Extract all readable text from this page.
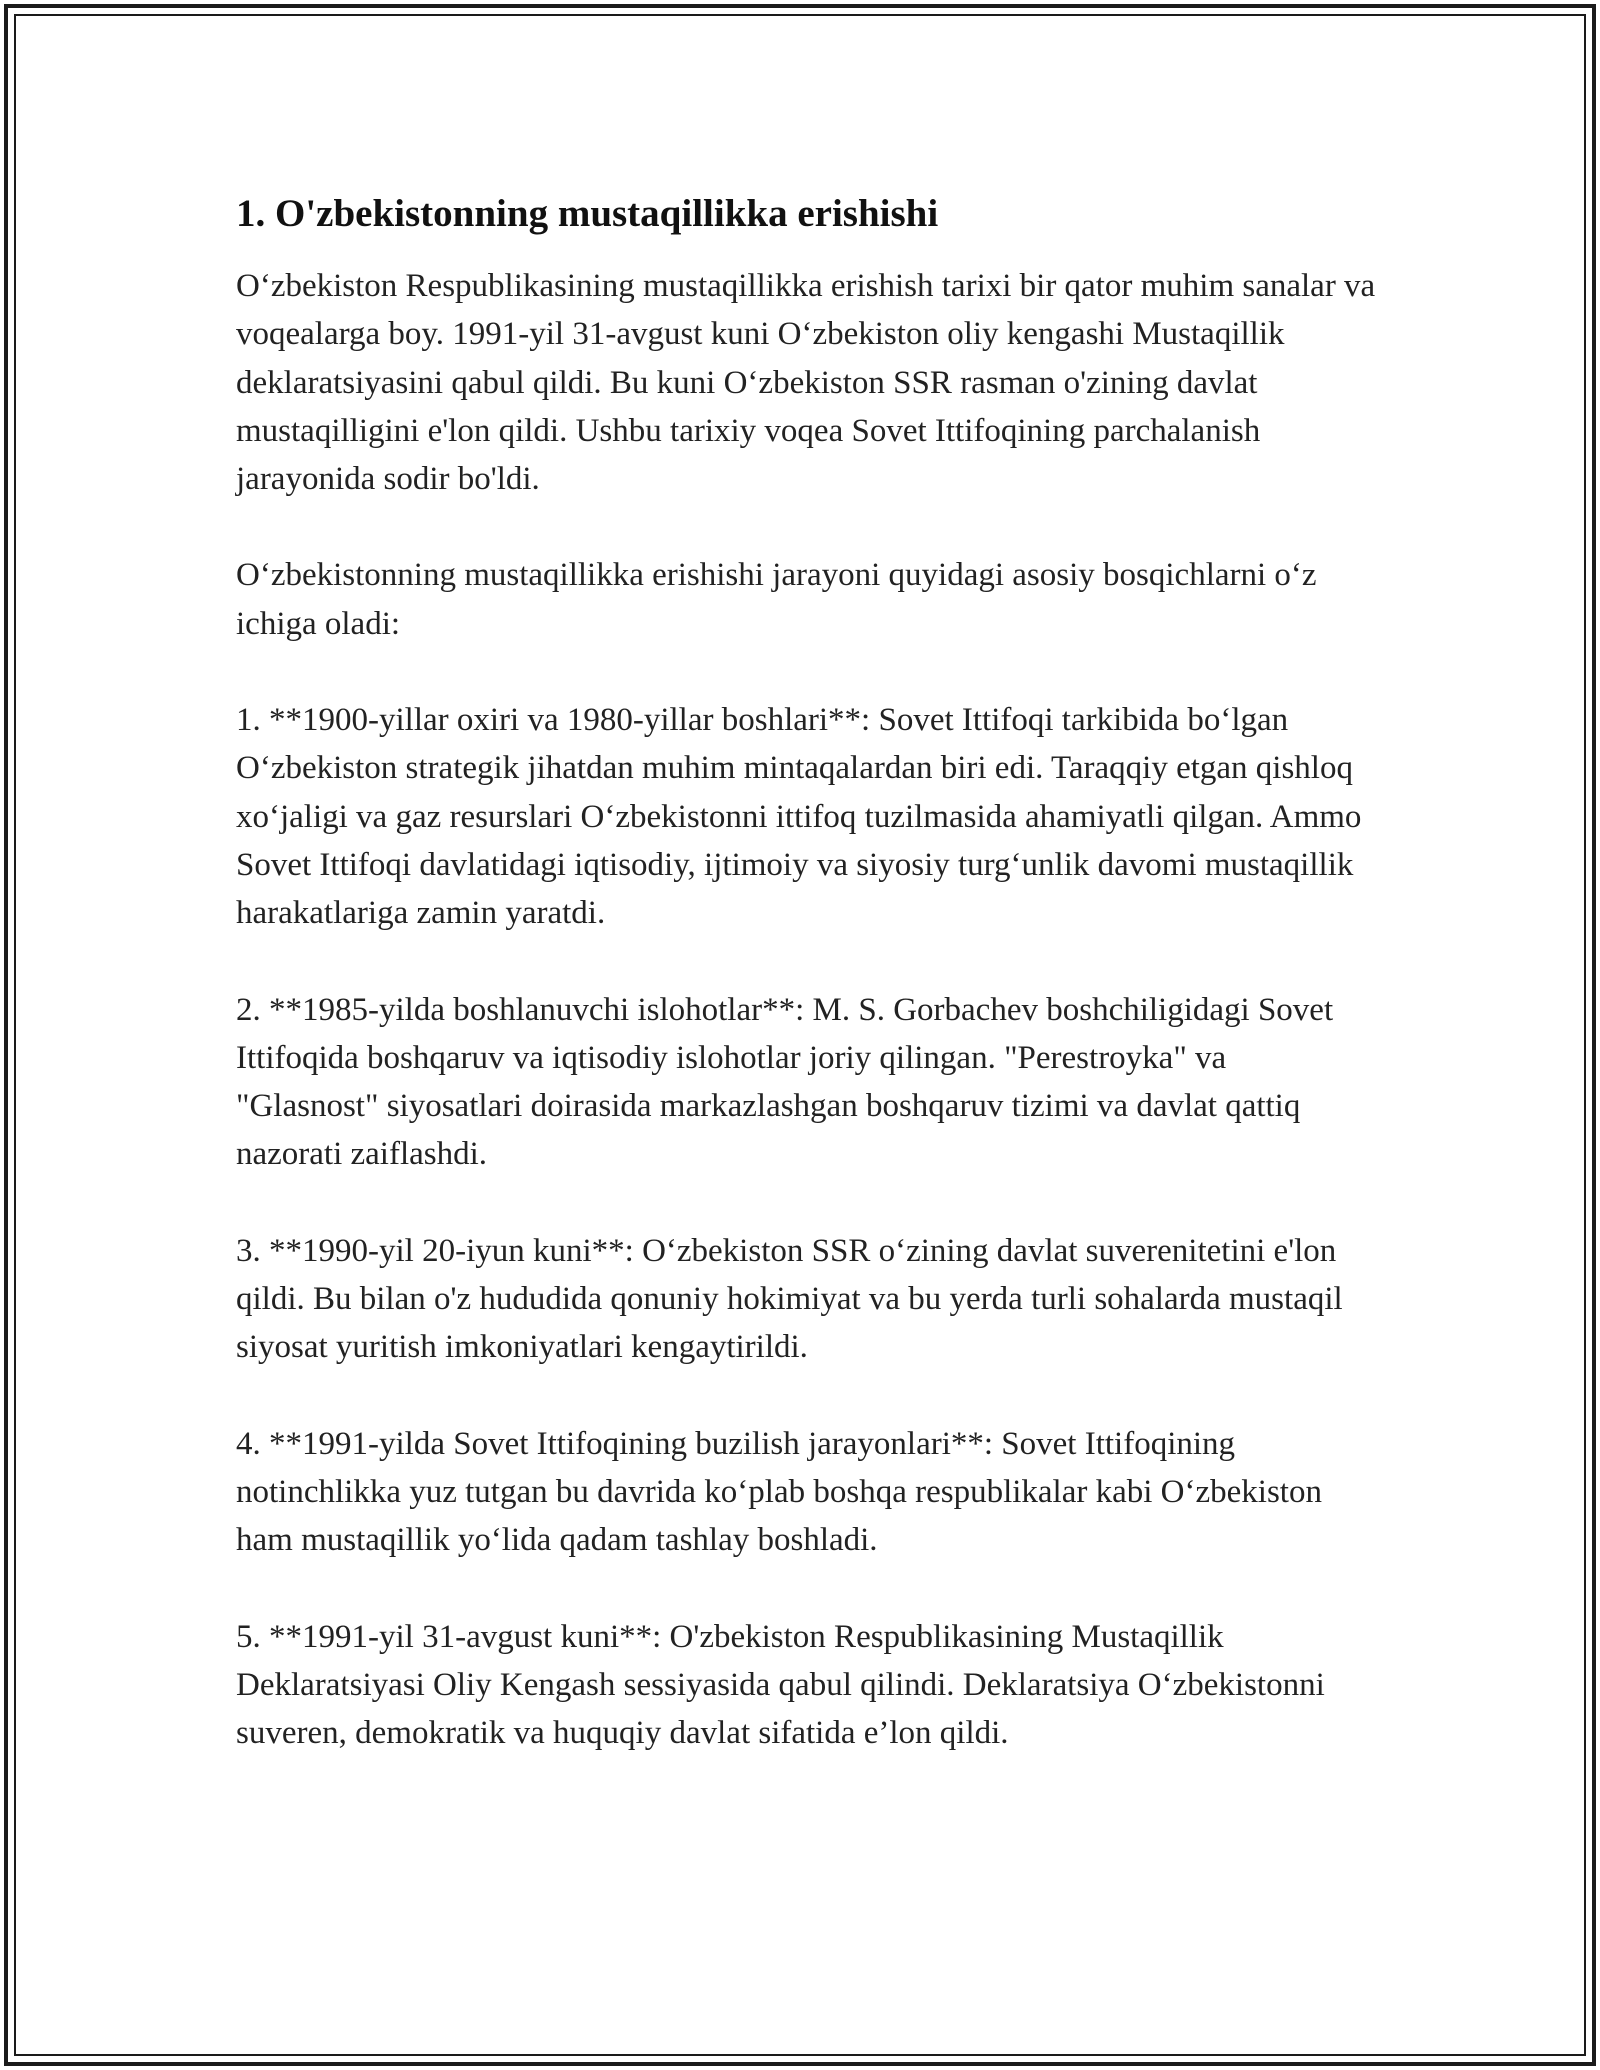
1. O'zbekistonning mustaqillikka erishishi

O‘zbekiston Respublikasining mustaqillikka erishish tarixi bir qator muhim sanalar va voqealarga boy. 1991-yil 31-avgust kuni O‘zbekiston oliy kengashi Mustaqillik deklaratsiyasini qabul qildi. Bu kuni O‘zbekiston SSR rasman o'zining davlat mustaqilligini e'lon qildi. Ushbu tarixiy voqea Sovet Ittifoqining parchalanish jarayonida sodir bo'ldi.

O‘zbekistonning mustaqillikka erishishi jarayoni quyidagi asosiy bosqichlarni o‘z ichiga oladi:

1. **1900-yillar oxiri va 1980-yillar boshlari**: Sovet Ittifoqi tarkibida bo‘lgan O‘zbekiston strategik jihatdan muhim mintaqalardan biri edi. Taraqqiy etgan qishloq xo‘jaligi va gaz resurslari O‘zbekistonni ittifoq tuzilmasida ahamiyatli qilgan. Ammo Sovet Ittifoqi davlatidagi iqtisodiy, ijtimoiy va siyosiy turg‘unlik davomi mustaqillik harakatlariga zamin yaratdi.

2. **1985-yilda boshlanuvchi islohotlar**: M. S. Gorbachev boshchiligidagi Sovet Ittifoqida boshqaruv va iqtisodiy islohotlar joriy qilingan. "Perestroyka" va "Glasnost" siyosatlari doirasida markazlashgan boshqaruv tizimi va davlat qattiq nazorati zaiflashdi.

3. **1990-yil 20-iyun kuni**: O‘zbekiston SSR o‘zining davlat suverenitetini e'lon qildi. Bu bilan o'z hududida qonuniy hokimiyat va bu yerda turli sohalarda mustaqil siyosat yuritish imkoniyatlari kengaytirildi.

4. **1991-yilda Sovet Ittifoqining buzilish jarayonlari**: Sovet Ittifoqining notinchlikka yuz tutgan bu davrida ko‘plab boshqa respublikalar kabi O‘zbekiston ham mustaqillik yo‘lida qadam tashlay boshladi.

5. **1991-yil 31-avgust kuni**: O'zbekiston Respublikasining Mustaqillik Deklaratsiyasi Oliy Kengash sessiyasida qabul qilindi. Deklaratsiya O‘zbekistonni suveren, demokratik va huquqiy davlat sifatida e’lon qildi.
